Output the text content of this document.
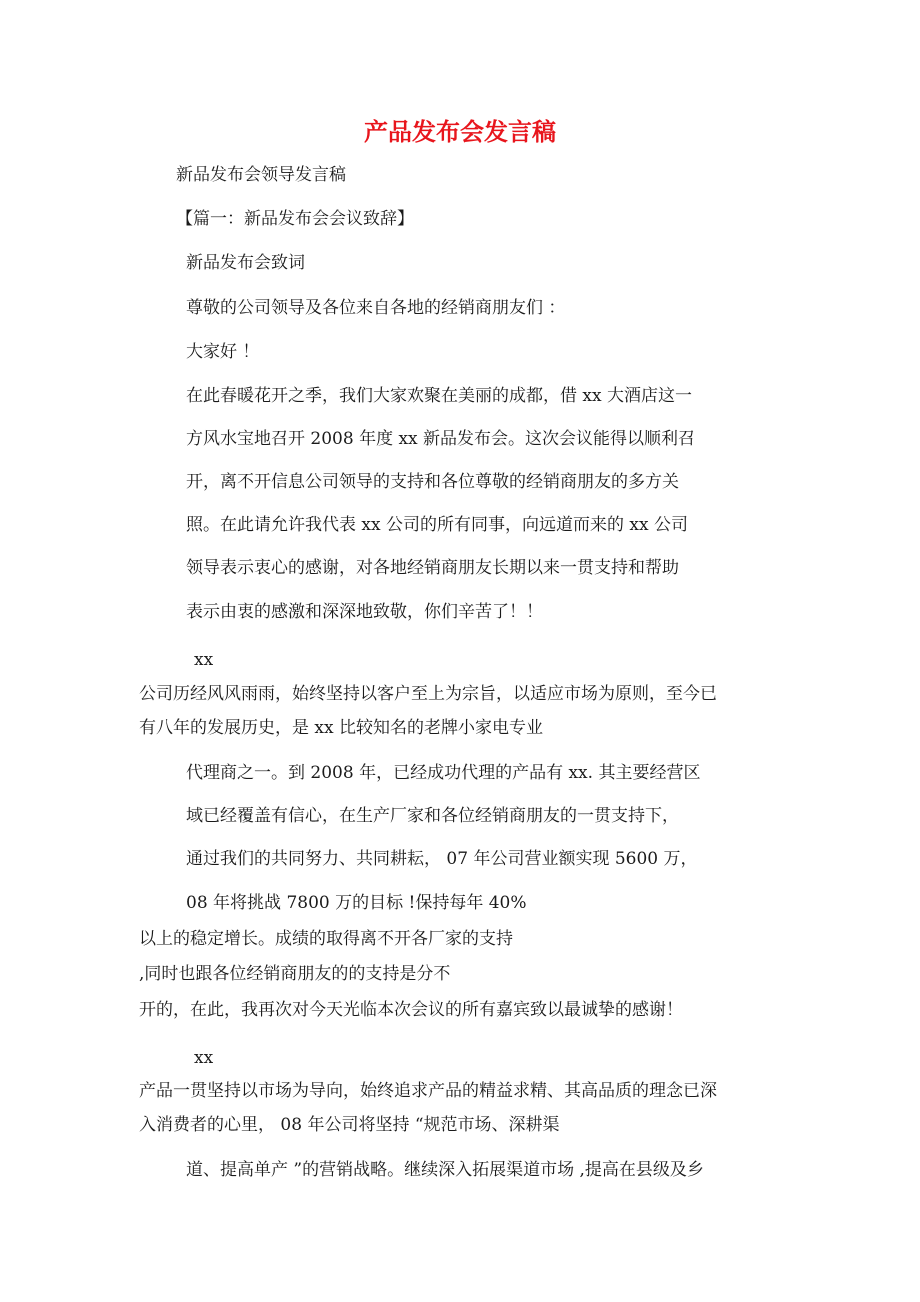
产品发布会发言稿
新品发布会领导发言稿
【篇一：新品发布会会议致辞】
新品发布会致词
尊敬的公司领导及各位来自各地的经销商朋友们 ：
大家好 ！
在此春暖花开之季，我们大家欢聚在美丽的成都，借 xx 大酒店这一
方风水宝地召开 2008 年度 xx 新品发布会。这次会议能得以顺利召
开，离不开信息公司领导的支持和各位尊敬的经销商朋友的多方关
照。在此请允许我代表 xx 公司的所有同事，向远道而来的 xx 公司
领导表示衷心的感谢，对各地经销商朋友长期以来一贯支持和帮助
表示由衷的感激和深深地致敬，你们辛苦了！！
xx
公司历经风风雨雨，始终坚持以客户至上为宗旨，以适应市场为原则，至今已
有八年的发展历史，是 xx 比较知名的老牌小家电专业
代理商之一。到 2008 年，已经成功代理的产品有 xx. 其主要经营区
域已经覆盖有信心，在生产厂家和各位经销商朋友的一贯支持下，
通过我们的共同努力、共同耕耘， 07 年公司营业额实现 5600 万，
08 年将挑战 7800 万的目标 !保持每年 40%
以上的稳定增长。成绩的取得离不开各厂家的支持
,同时也跟各位经销商朋友的的支持是分不
开的，在此，我再次对今天光临本次会议的所有嘉宾致以最诚挚的感谢！
xx
产品一贯坚持以市场为导向，始终追求产品的精益求精、其高品质的理念已深
入消费者的心里， 08 年公司将坚持 “规范市场、深耕渠
道、提高单产 ”的营销战略。继续深入拓展渠道市场 ,提高在县级及乡
